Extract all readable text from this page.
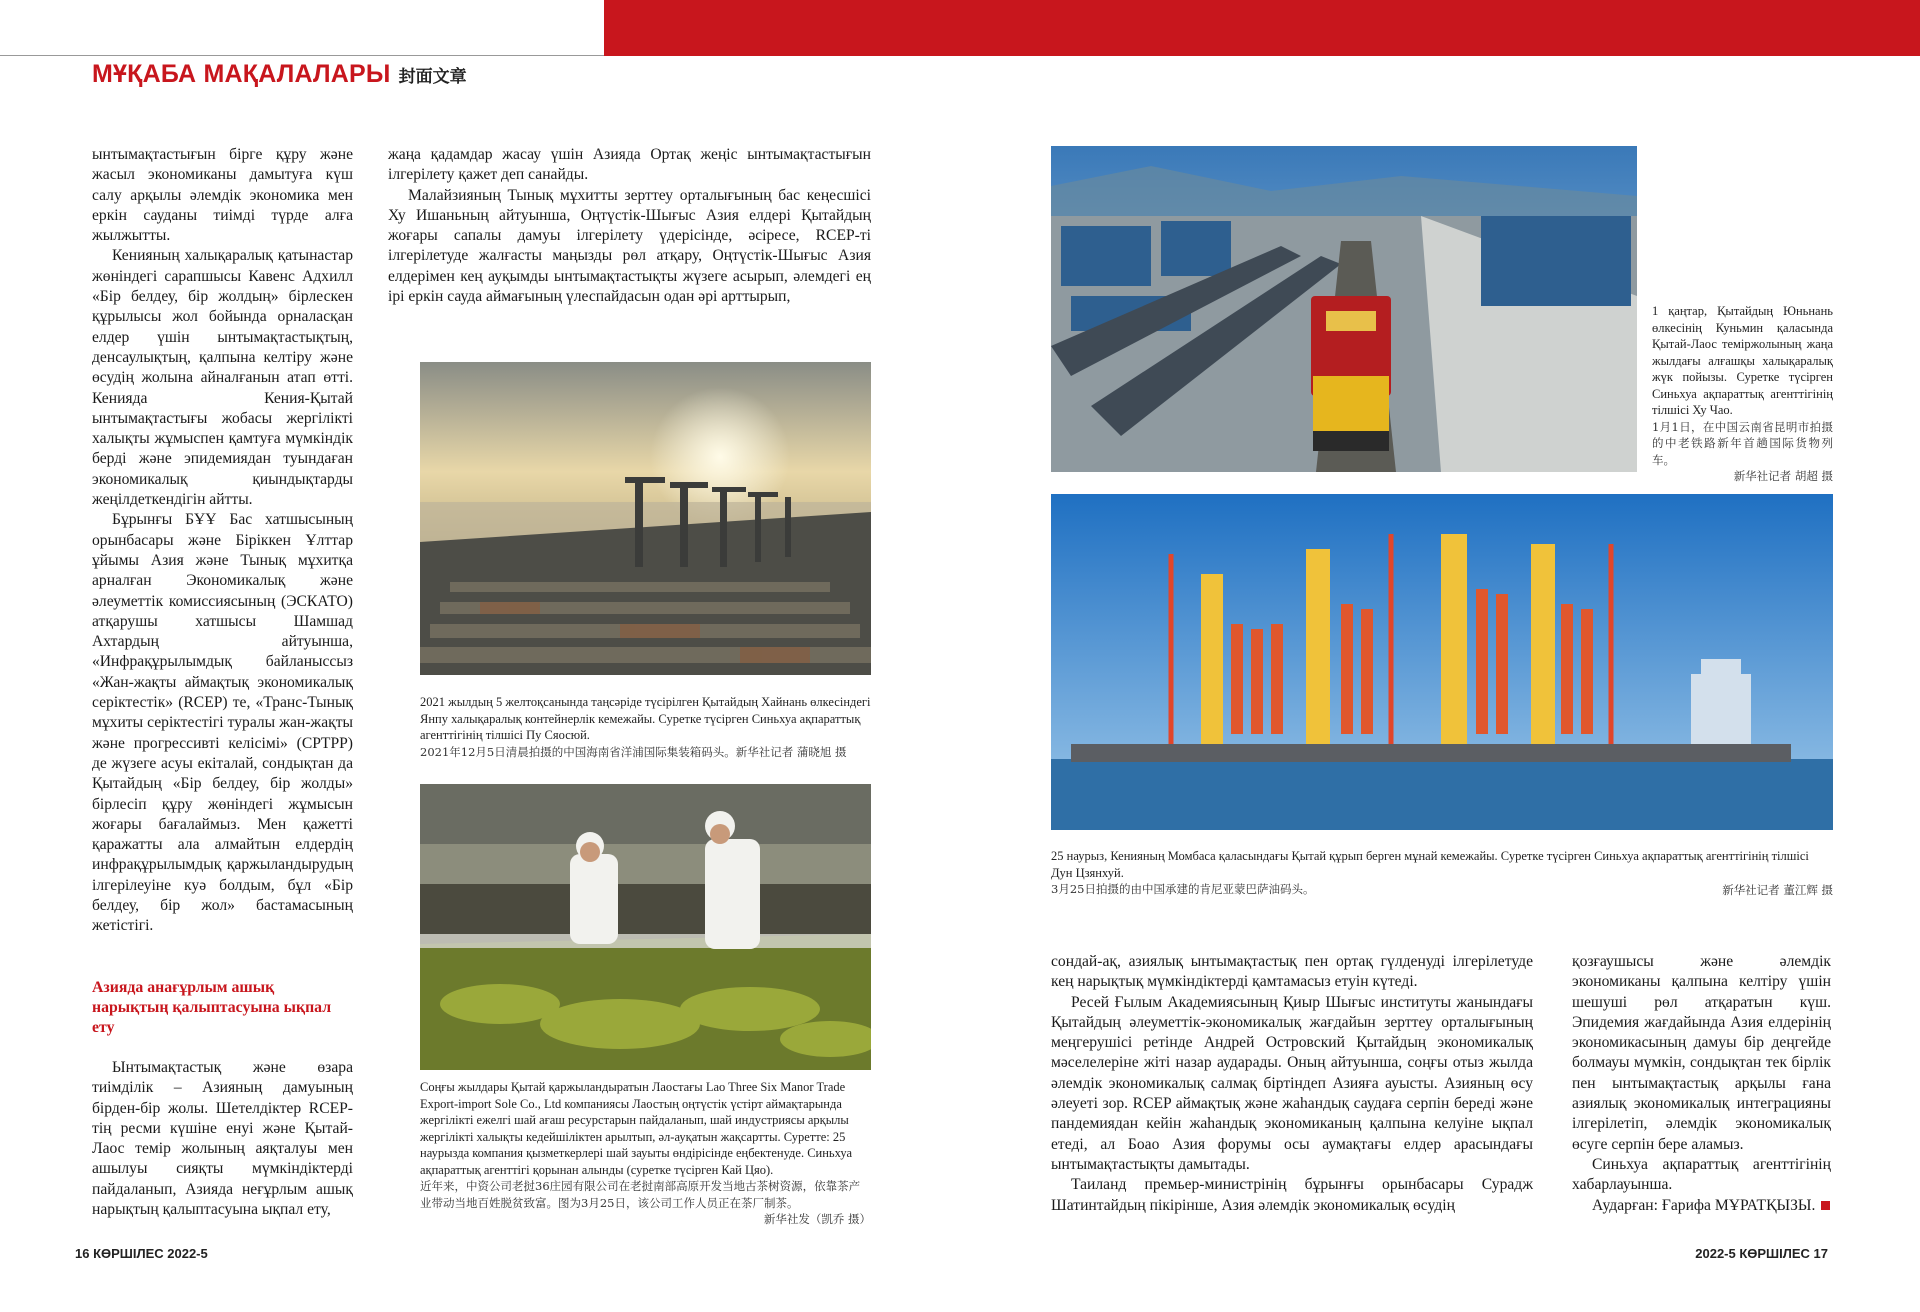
МҰҚАБА МАҚАЛАЛАРЫ 封面文章

ынтымақтастығын бірге құру және жасыл экономиканы дамытуға күш салу арқылы әлемдік экономика мен еркін сауданы тиімді түрде алға жылжытты.

Кенияның халықаралық қатынастар жөніндегі сарапшысы Кавенс Адхилл «Бір белдеу, бір жолдың» бірлескен құрылысы жол бойында орналасқан елдер үшін ынтымақтастықтың, денсаулықтың, қалпына келтіру және өсудің жолына айналғанын атап өтті. Кенияда Кения-Қытай ынтымақтастығы жобасы жергілікті халықты жұмыспен қамтуға мүмкіндік берді және эпидемиядан туындаған экономикалық қиындықтарды жеңілдеткендігін айтты.

Бұрынғы БҰҰ Бас хатшысының орынбасары және Біріккен Ұлттар ұйымы Азия және Тынық мұхитқа арналған Экономикалық және әлеуметтік комиссиясының (ЭСКАТО) атқарушы хатшысы Шамшад Ахтардың айтуынша, «Инфрақұрылымдық байланыссыз «Жан-жақты аймақтық экономикалық серіктестік» (RCEP) те, «Транс-Тынық мұхиты серіктестігі туралы жан-жақты және прогрессивті келісімі» (CPTPP) де жүзеге асуы екіталай, сондықтан да Қытайдың «Бір белдеу, бір жолды» бірлесіп құру жөніндегі жұмысын жоғары бағалаймыз. Мен қажетті қаражатты ала алмайтын елдердің инфрақұрылымдық қаржыландырудың ілгерілеуіне куә болдым, бұл «Бір белдеу, бір жол» бастамасының жетістігі.

Азияда анағұрлым ашық нарықтың қалыптасуына ықпал ету

Ынтымақтастық және өзара тиімділік – Азияның дамуының бірден-бір жолы. Шетелдіктер RCEP-тің ресми күшіне енуі және Қытай-Лаос темір жолының аяқталуы мен ашылуы сияқты мүмкіндіктерді пайдаланып, Азияда неғұрлым ашық нарықтың қалыптасуына ықпал ету,

жаңа қадамдар жасау үшін Азияда Ортақ жеңіс ынтымақтастығын ілгерілету қажет деп санайды.

Малайзияның Тынық мұхитты зерттеу орталығының бас кеңесшісі Ху Ишаньның айтуынша, Оңтүстік-Шығыс Азия елдері Қытайдың жоғары сапалы дамуы ілгерілету үдерісінде, әсіресе, RCEP-ті ілгерілетуде жалғасты маңызды рөл атқару, Оңтүстік-Шығыс Азия елдерімен кең ауқымды ынтымақтастықты жүзеге асырып, әлемдегі ең ірі еркін сауда аймағының үлеспайдасын одан әрі арттырып,

2021 жылдың 5 желтоқсанында таңсәріде түсірілген Қытайдың Хайнань өлкесіндегі Янпу халықаралық контейнерлік кемежайы. Суретке түсірген Синьхуа ақпараттық агенттігінің тілшісі Пу Сяосюй.
2021年12月5日清晨拍摄的中国海南省洋浦国际集装箱码头。新华社记者 蒲晓旭 摄
Соңғы жылдары Қытай қаржыландыратын Лаостағы Lao Three Six Manor Trade Export-import Sole Co., Ltd компаниясы Лаостың оңтүстік үстірт аймақтарында жергілікті ежелгі шай ағаш ресурстарын пайдаланып, шай индустриясы арқылы жергілікті халықты кедейшіліктен арылтып, әл-ауқатын жақсартты. Суретте: 25 наурызда компания қызметкерлері шай зауыты өндірісінде еңбектенуде. Синьхуа ақпараттық агенттігі қорынан алынды (суретке түсірген Кай Цяо).
近年来，中资公司老挝36庄园有限公司在老挝南部高原开发当地古茶树资源，依靠茶产业带动当地百姓脱贫致富。图为3月25日，该公司工作人员正在茶厂制茶。
新华社发（凯乔 摄）
1 қаңтар, Қытайдың Юньнань өлкесінің Куньмин қаласында Қытай-Лаос теміржолының жаңа жылдағы алғашқы халықаралық жүк пойызы. Суретке түсірген Синьхуа ақпараттық агенттігінің тілшісі Ху Чао.
1月1日，在中国云南省昆明市拍摄的中老铁路新年首趟国际货物列车。
新华社记者 胡超 摄
25 наурыз, Кенияның Момбаса қаласындағы Қытай құрып берген мұнай кемежайы. Суретке түсірген Синьхуа ақпараттық агенттігінің тілшісі Дун Цзянхуй.
3月25日拍摄的由中国承建的肯尼亚蒙巴萨油码头。	新华社记者 董江辉 摄

сондай-ақ, азиялық ынтымақтастық пен ортақ гүлденуді ілгерілетуде кең нарықтық мүмкіндіктерді қамтамасыз етуін күтеді.

Ресей Ғылым Академиясының Қиыр Шығыс институты жанындағы Қытайдың әлеуметтік-экономикалық жағдайын зерттеу орталығының меңгерушісі ретінде Андрей Островский Қытайдың экономикалық мәселелеріне жіті назар аударады. Оның айтуынша, соңғы отыз жылда әлемдік экономикалық салмақ біртіндеп Азияға ауысты. Азияның өсу әлеуеті зор. RCEP аймақтық және жаһандық саудаға серпін береді және пандемиядан кейін жаһандық экономиканың қалпына келуіне ықпал етеді, ал Боао Азия форумы осы аумақтағы елдер арасындағы ынтымақтастықты дамытады.

Таиланд премьер-министрінің бұрынғы орынбасары Сурадж Шатинтайдың пікірінше, Азия әлемдік экономикалық өсудің

қозғаушысы және әлемдік экономиканы қалпына келтіру үшін шешуші рөл атқаратын күш. Эпидемия жағдайында Азия елдерінің экономикасының дамуы бір деңгейде болмауы мүмкін, сондықтан тек бірлік пен ынтымақтастық арқылы ғана азиялық экономикалық интеграцияны ілгерілетіп, әлемдік экономикалық өсуге серпін бере аламыз.

Синьхуа ақпараттық агенттігінің хабарлауынша.

Аударған: Ғарифа МҰРАТҚЫЗЫ.

16 КӨРШІЛЕС 2022-5	2022-5 КӨРШІЛЕС 17
